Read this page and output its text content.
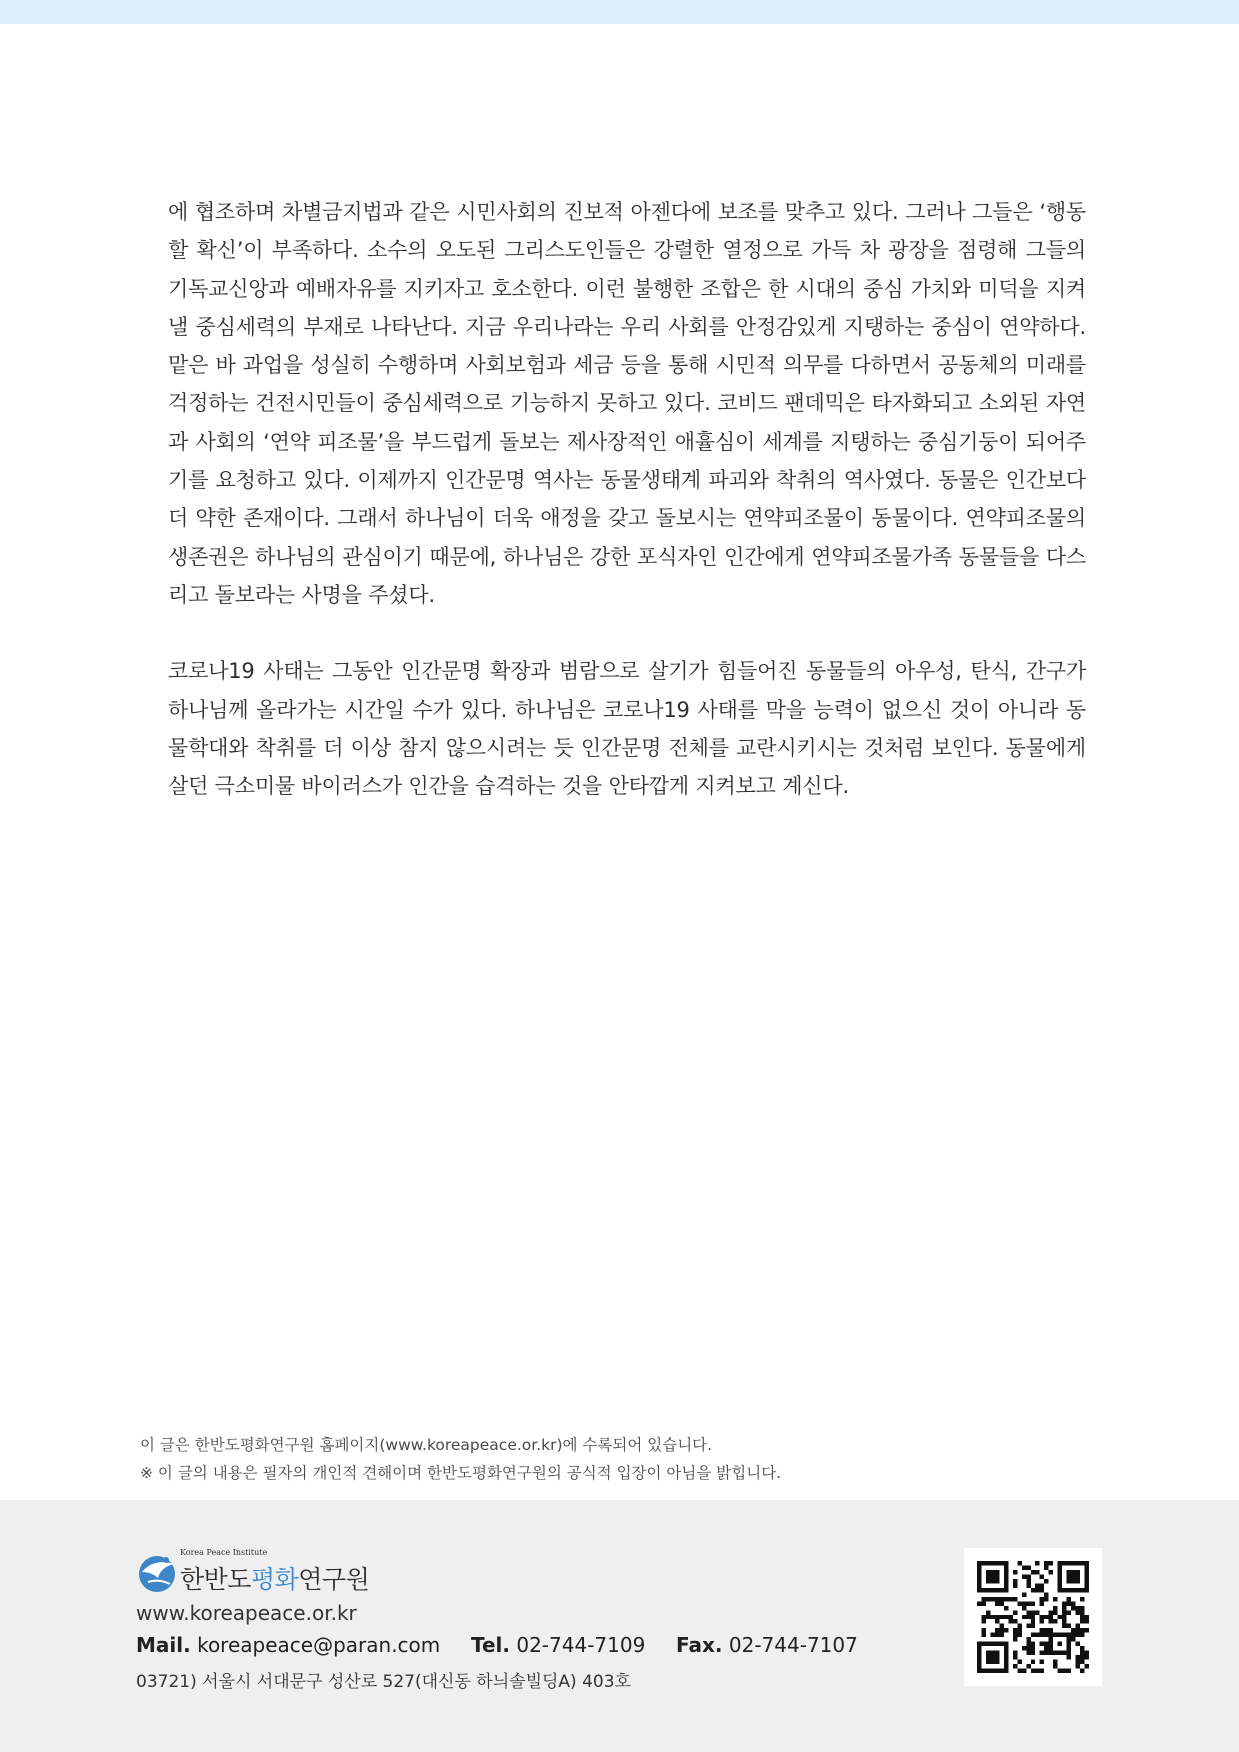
에 협조하며 차별금지법과 같은 시민사회의 진보적 아젠다에 보조를 맞추고 있다. 그러나 그들은 ‘행동할 확신’이 부족하다. 소수의 오도된 그리스도인들은 강렬한 열정으로 가득 차 광장을 점령해 그들의 기독교신앙과 예배자유를 지키자고 호소한다. 이런 불행한 조합은 한 시대의 중심 가치와 미덕을 지켜낼 중심세력의 부재로 나타난다. 지금 우리나라는 우리 사회를 안정감있게 지탱하는 중심이 연약하다. 맡은 바 과업을 성실히 수행하며 사회보험과 세금 등을 통해 시민적 의무를 다하면서 공동체의 미래를 걱정하는 건전시민들이 중심세력으로 기능하지 못하고 있다. 코비드 팬데믹은 타자화되고 소외된 자연과 사회의 ‘연약 피조물’을 부드럽게 돌보는 제사장적인 애휼심이 세계를 지탱하는 중심기둥이 되어주기를 요청하고 있다. 이제까지 인간문명 역사는 동물생태계 파괴와 착취의 역사였다. 동물은 인간보다 더 약한 존재이다. 그래서 하나님이 더욱 애정을 갖고 돌보시는 연약피조물이 동물이다. 연약피조물의 생존권은 하나님의 관심이기 때문에, 하나님은 강한 포식자인 인간에게 연약피조물가족 동물들을 다스리고 돌보라는 사명을 주셨다.

코로나19 사태는 그동안 인간문명 확장과 범람으로 살기가 힘들어진 동물들의 아우성, 탄식, 간구가 하나님께 올라가는 시간일 수가 있다. 하나님은 코로나19 사태를 막을 능력이 없으신 것이 아니라 동물학대와 착취를 더 이상 참지 않으시려는 듯 인간문명 전체를 교란시키시는 것처럼 보인다. 동물에게 살던 극소미물 바이러스가 인간을 습격하는 것을 안타깝게 지켜보고 계신다.

이 글은 한반도평화연구원 홈페이지(www.koreapeace.or.kr)에 수록되어 있습니다.
※ 이 글의 내용은 필자의 개인적 견해이며 한반도평화연구원의 공식적 입장이 아님을 밝힙니다.
Korea Peace Institute
한반도평화연구원
www.koreapeace.or.kr
Mail. koreapeace@paran.com Tel. 02-744-7109 Fax. 02-744-7107
03721) 서울시 서대문구 성산로 527(대신동 하늬솔빌딩A) 403호
